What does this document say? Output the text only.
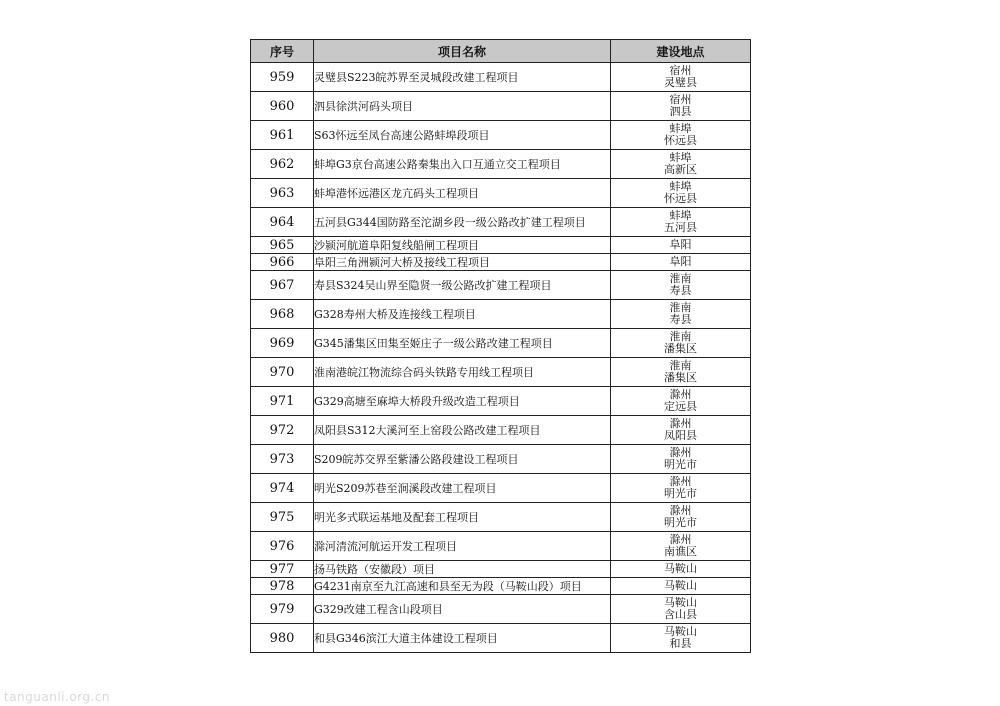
序号	项目名称	建设地点
959	灵璧县S223皖苏界至灵城段改建工程项目	宿州
灵璧县

960	泗县徐洪河码头项目	宿州
泗县

961	S63怀远至凤台高速公路蚌埠段项目	蚌埠
怀远县

962	蚌埠G3京台高速公路秦集出入口互通立交工程项目	蚌埠
高新区

963	蚌埠港怀远港区龙亢码头工程项目	蚌埠
怀远县

964	五河县G344国防路至沱湖乡段一级公路改扩建工程项目	蚌埠
五河县

965	沙颍河航道阜阳复线船闸工程项目	阜阳

966	阜阳三角洲颍河大桥及接线工程项目	阜阳

967	寿县S324吴山界至隐贤一级公路改扩建工程项目	淮南
寿县

968	G328寿州大桥及连接线工程项目	淮南
寿县

969	G345潘集区田集至姬庄子一级公路改建工程项目	淮南
潘集区

970	淮南港皖江物流综合码头铁路专用线工程项目	淮南
潘集区

971	G329高塘至麻埠大桥段升级改造工程项目	滁州
定远县

972	凤阳县S312大溪河至上窑段公路改建工程项目	滁州
凤阳县

973	S209皖苏交界至紫潘公路段建设工程项目	滁州
明光市

974	明光S209苏巷至涧溪段改建工程项目	滁州
明光市

975	明光多式联运基地及配套工程项目	滁州
明光市

976	滁河清流河航运开发工程项目	滁州
南谯区

977	扬马铁路（安徽段）项目	马鞍山

978	G4231南京至九江高速和县至无为段（马鞍山段）项目	马鞍山

979	G329改建工程含山段项目	马鞍山
含山县

980	和县G346滨江大道主体建设工程项目	马鞍山
和县
tanguanli.org.cn
